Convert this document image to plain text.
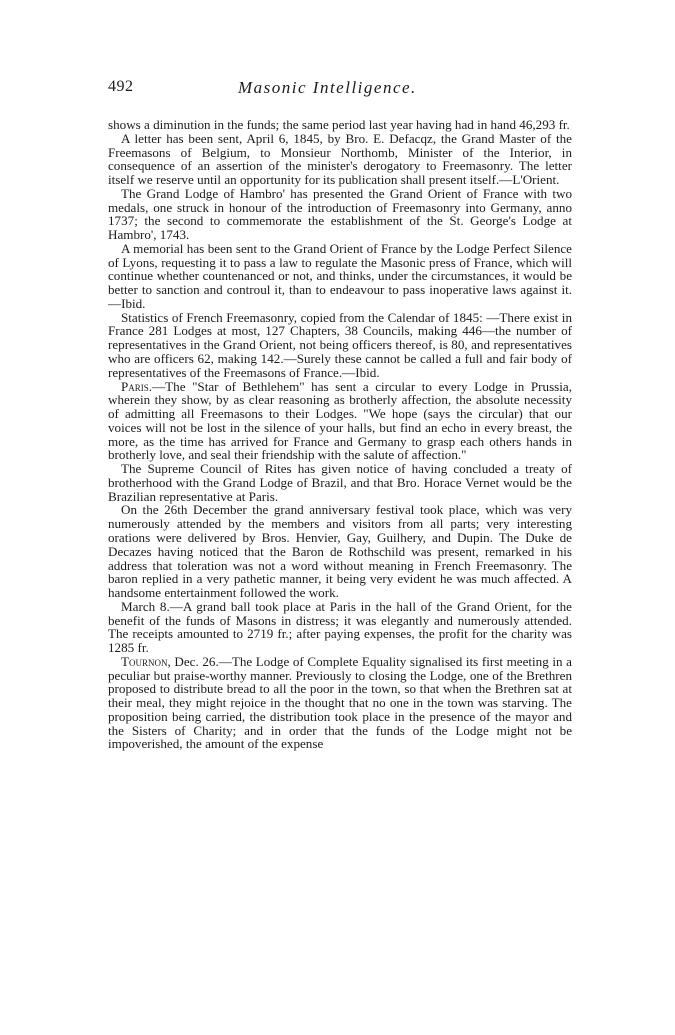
492	Masonic Intelligence.

shows a diminution in the funds; the same period last year having had in hand 46,293 fr.

A letter has been sent, April 6, 1845, by Bro. E. Defacqz, the Grand Master of the Freemasons of Belgium, to Monsieur Northomb, Minister of the Interior, in consequence of an assertion of the minister's derogatory to Freemasonry. The letter itself we reserve until an opportunity for its publication shall present itself.—L'Orient.

The Grand Lodge of Hambro' has presented the Grand Orient of France with two medals, one struck in honour of the introduction of Freemasonry into Germany, anno 1737; the second to commemorate the establishment of the St. George's Lodge at Hambro', 1743.

A memorial has been sent to the Grand Orient of France by the Lodge Perfect Silence of Lyons, requesting it to pass a law to regulate the Masonic press of France, which will continue whether countenanced or not, and thinks, under the circumstances, it would be better to sanction and controul it, than to endeavour to pass inoperative laws against it.—Ibid.

Statistics of French Freemasonry, copied from the Calendar of 1845: —There exist in France 281 Lodges at most, 127 Chapters, 38 Councils, making 446—the number of representatives in the Grand Orient, not being officers thereof, is 80, and representatives who are officers 62, making 142.—Surely these cannot be called a full and fair body of representatives of the Freemasons of France.—Ibid.

Paris.—The "Star of Bethlehem" has sent a circular to every Lodge in Prussia, wherein they show, by as clear reasoning as brotherly affection, the absolute necessity of admitting all Freemasons to their Lodges. "We hope (says the circular) that our voices will not be lost in the silence of your halls, but find an echo in every breast, the more, as the time has arrived for France and Germany to grasp each others hands in brotherly love, and seal their friendship with the salute of affection."

The Supreme Council of Rites has given notice of having concluded a treaty of brotherhood with the Grand Lodge of Brazil, and that Bro. Horace Vernet would be the Brazilian representative at Paris.

On the 26th December the grand anniversary festival took place, which was very numerously attended by the members and visitors from all parts; very interesting orations were delivered by Bros. Henvier, Gay, Guilhery, and Dupin. The Duke de Decazes having noticed that the Baron de Rothschild was present, remarked in his address that toleration was not a word without meaning in French Freemasonry. The baron replied in a very pathetic manner, it being very evident he was much affected. A handsome entertainment followed the work.

March 8.—A grand ball took place at Paris in the hall of the Grand Orient, for the benefit of the funds of Masons in distress; it was elegantly and numerously attended. The receipts amounted to 2719 fr.; after paying expenses, the profit for the charity was 1285 fr.

Tournon, Dec. 26.—The Lodge of Complete Equality signalised its first meeting in a peculiar but praise-worthy manner. Previously to closing the Lodge, one of the Brethren proposed to distribute bread to all the poor in the town, so that when the Brethren sat at their meal, they might rejoice in the thought that no one in the town was starving. The proposition being carried, the distribution took place in the presence of the mayor and the Sisters of Charity; and in order that the funds of the Lodge might not be impoverished, the amount of the expense
